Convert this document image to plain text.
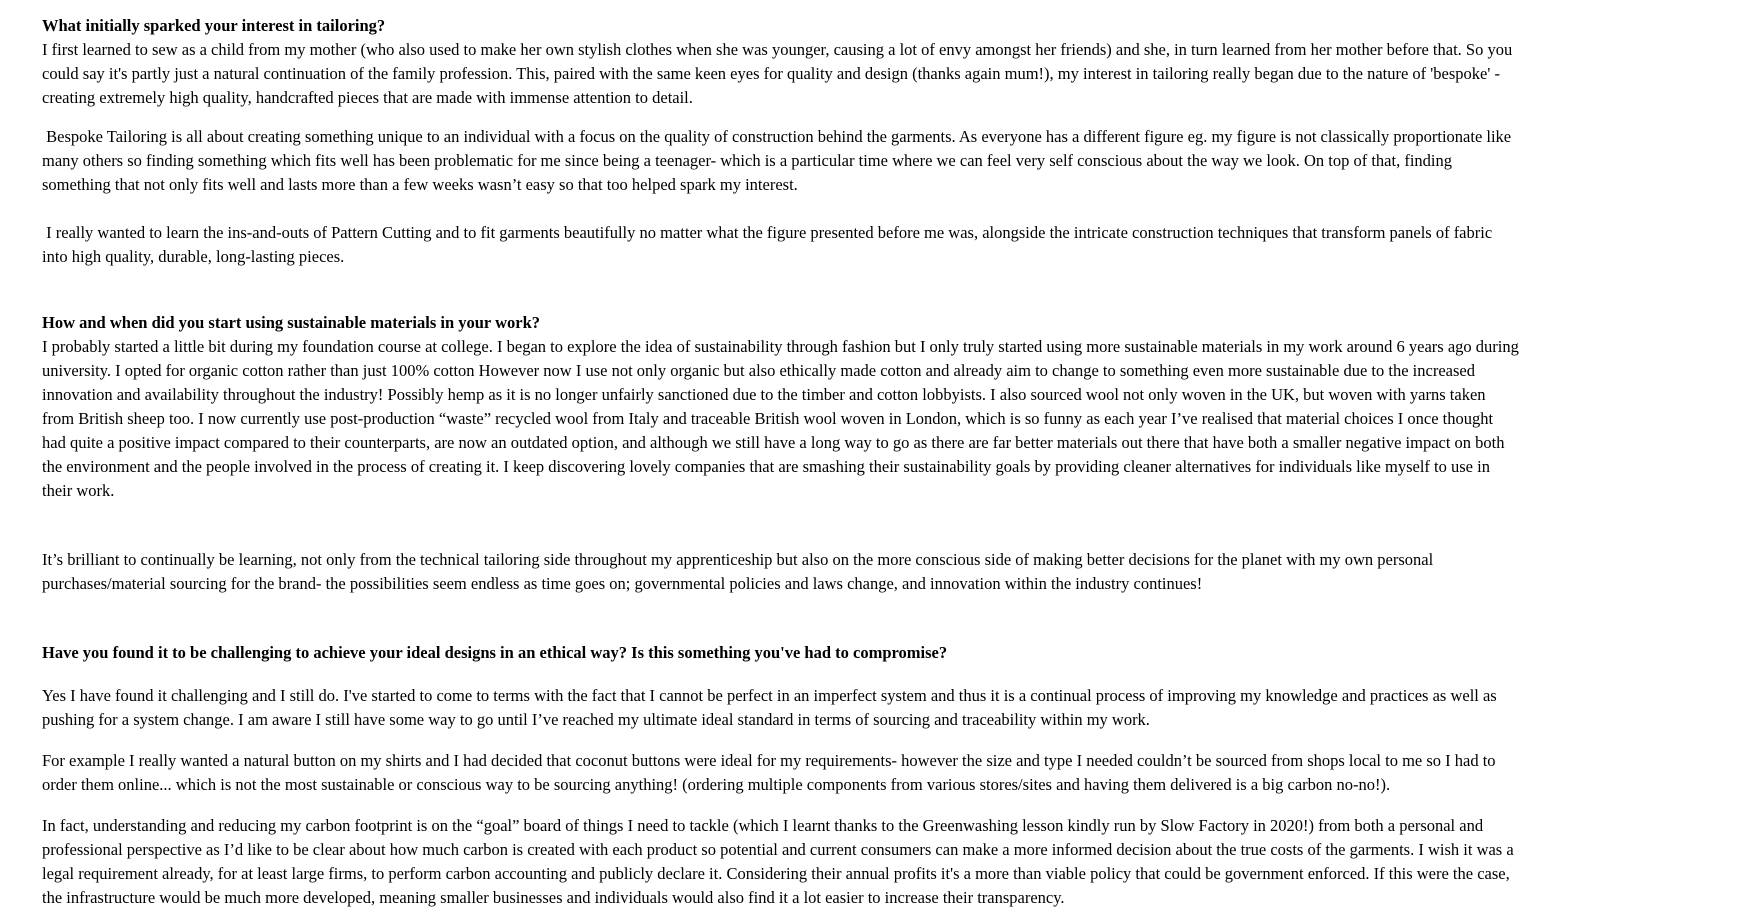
What initially sparked your interest in tailoring?

I first learned to sew as a child from my mother (who also used to make her own stylish clothes when she was younger, causing a lot of envy amongst her friends) and she, in turn learned from her mother before that. So you could say it's partly just a natural continuation of the family profession. This, paired with the same keen eyes for quality and design (thanks again mum!), my interest in tailoring really began due to the nature of 'bespoke' - creating extremely high quality, handcrafted pieces that are made with immense attention to detail.

Bespoke Tailoring is all about creating something unique to an individual with a focus on the quality of construction behind the garments. As everyone has a different figure eg. my figure is not classically proportionate like many others so finding something which fits well has been problematic for me since being a teenager- which is a particular time where we can feel very self conscious about the way we look. On top of that, finding something that not only fits well and lasts more than a few weeks wasn’t easy so that too helped spark my interest.

I really wanted to learn the ins-and-outs of Pattern Cutting and to fit garments beautifully no matter what the figure presented before me was, alongside the intricate construction techniques that transform panels of fabric into high quality, durable, long-lasting pieces.

How and when did you start using sustainable materials in your work?

I probably started a little bit during my foundation course at college. I began to explore the idea of sustainability through fashion but I only truly started using more sustainable materials in my work around 6 years ago during university. I opted for organic cotton rather than just 100% cotton However now I use not only organic but also ethically made cotton and already aim to change to something even more sustainable due to the increased innovation and availability throughout the industry! Possibly hemp as it is no longer unfairly sanctioned due to the timber and cotton lobbyists. I also sourced wool not only woven in the UK, but woven with yarns taken from British sheep too. I now currently use post-production “waste” recycled wool from Italy and traceable British wool woven in London, which is so funny as each year I’ve realised that material choices I once thought had quite a positive impact compared to their counterparts, are now an outdated option, and although we still have a long way to go as there are far better materials out there that have both a smaller negative impact on both the environment and the people involved in the process of creating it. I keep discovering lovely companies that are smashing their sustainability goals by providing cleaner alternatives for individuals like myself to use in their work.

It’s brilliant to continually be learning, not only from the technical tailoring side throughout my apprenticeship but also on the more conscious side of making better decisions for the planet with my own personal purchases/material sourcing for the brand- the possibilities seem endless as time goes on; governmental policies and laws change, and innovation within the industry continues!

Have you found it to be challenging to achieve your ideal designs in an ethical way? Is this something you've had to compromise?

Yes I have found it challenging and I still do. I've started to come to terms with the fact that I cannot be perfect in an imperfect system and thus it is a continual process of improving my knowledge and practices as well as pushing for a system change. I am aware I still have some way to go until I’ve reached my ultimate ideal standard in terms of sourcing and traceability within my work.

For example I really wanted a natural button on my shirts and I had decided that coconut buttons were ideal for my requirements- however the size and type I needed couldn’t be sourced from shops local to me so I had to order them online... which is not the most sustainable or conscious way to be sourcing anything! (ordering multiple components from various stores/sites and having them delivered is a big carbon no-no!).

In fact, understanding and reducing my carbon footprint is on the “goal” board of things I need to tackle (which I learnt thanks to the Greenwashing lesson kindly run by Slow Factory in 2020!) from both a personal and professional perspective as I’d like to be clear about how much carbon is created with each product so potential and current consumers can make a more informed decision about the true costs of the garments. I wish it was a legal requirement already, for at least large firms, to perform carbon accounting and publicly declare it. Considering their annual profits it's a more than viable policy that could be government enforced. If this were the case, the infrastructure would be much more developed, meaning smaller businesses and individuals would also find it a lot easier to increase their transparency.
